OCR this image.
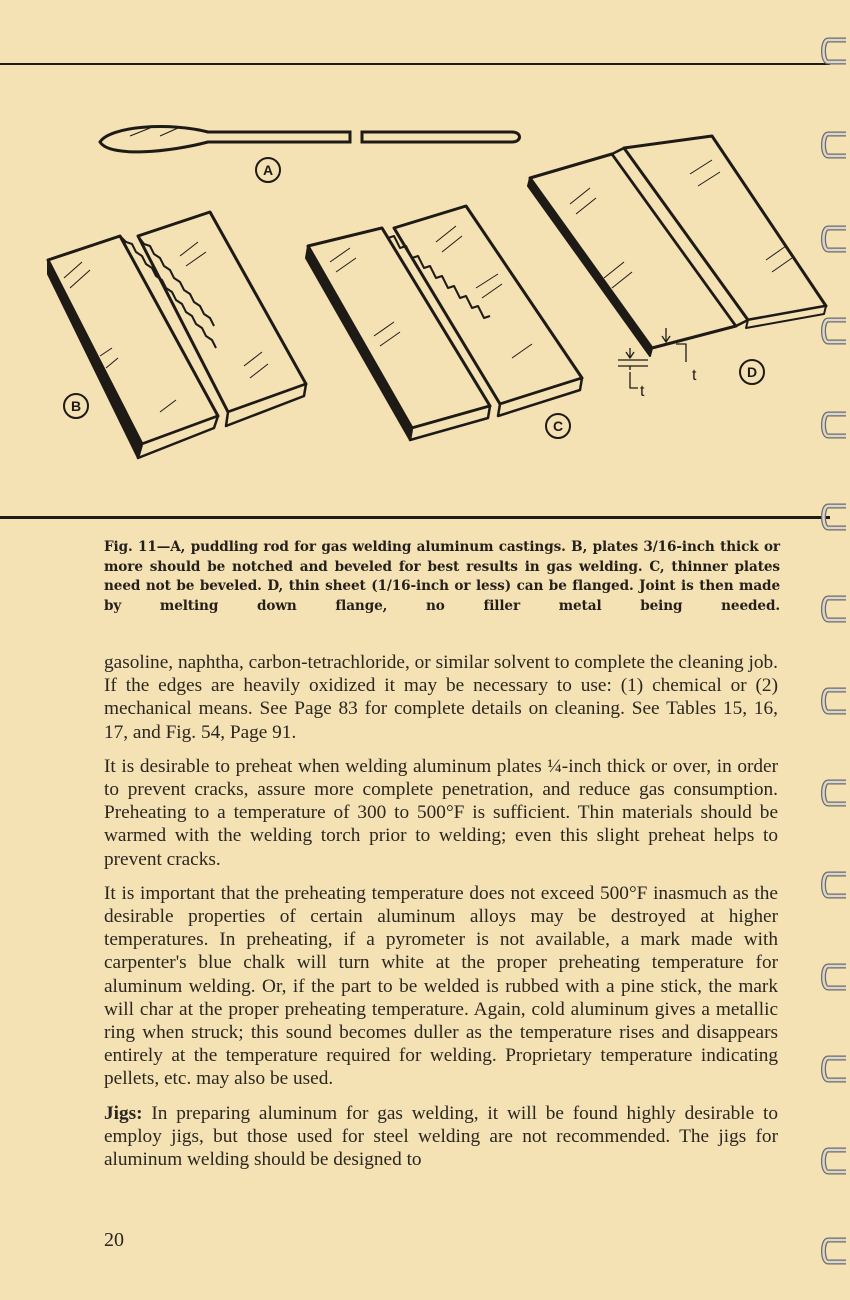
A
B
C
t
t
D
Fig. 11—A, puddling rod for gas welding aluminum castings. B, plates 3/16-inch thick or more should be notched and beveled for best results in gas welding. C, thinner plates need not be beveled. D, thin sheet (1/16-inch or less) can be flanged. Joint is then made by melting down flange, no filler metal being needed.

gasoline, naphtha, carbon-tetrachloride, or similar solvent to complete the cleaning job. If the edges are heavily oxidized it may be necessary to use: (1) chemical or (2) mechanical means. See Page 83 for complete details on cleaning. See Tables 15, 16, 17, and Fig. 54, Page 91.

It is desirable to preheat when welding aluminum plates ¼-inch thick or over, in order to prevent cracks, assure more complete penetration, and reduce gas consumption. Preheating to a temperature of 300 to 500°F is sufficient. Thin materials should be warmed with the welding torch prior to welding; even this slight preheat helps to prevent cracks.

It is important that the preheating temperature does not exceed 500°F inasmuch as the desirable properties of certain aluminum alloys may be destroyed at higher temperatures. In preheating, if a pyrometer is not available, a mark made with carpenter's blue chalk will turn white at the proper preheating temperature for aluminum welding. Or, if the part to be welded is rubbed with a pine stick, the mark will char at the proper preheating temperature. Again, cold aluminum gives a metallic ring when struck; this sound becomes duller as the temperature rises and disappears entirely at the temperature required for welding. Proprietary temperature indicating pellets, etc. may also be used.

Jigs: In preparing aluminum for gas welding, it will be found highly desirable to employ jigs, but those used for steel welding are not recommended. The jigs for aluminum welding should be designed to

20
